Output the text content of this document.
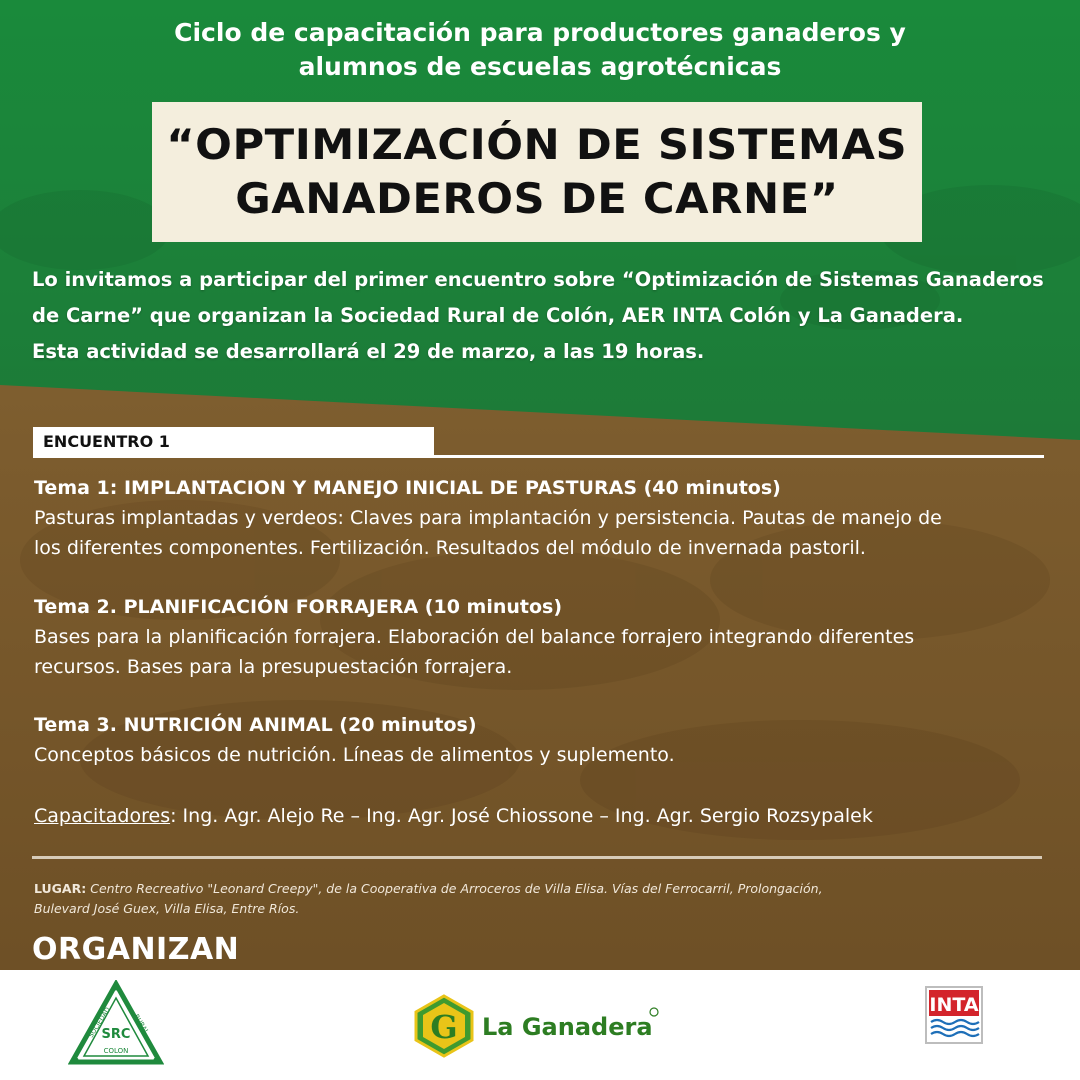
Ciclo de capacitación para productores ganaderos y
alumnos de escuelas agrotécnicas
“OPTIMIZACIÓN DE SISTEMAS
GANADEROS DE CARNE”

Lo invitamos a participar del primer encuentro sobre “Optimización de Sistemas Ganaderos

de Carne” que organizan la Sociedad Rural de Colón, AER INTA Colón y La Ganadera.

Esta actividad se desarrollará el 29 de marzo, a las 19 horas.

ENCUENTRO 1

Tema 1: IMPLANTACION Y MANEJO INICIAL DE PASTURAS (40 minutos)

Pasturas implantadas y verdeos: Claves para implantación y persistencia. Pautas de manejo de

los diferentes componentes. Fertilización. Resultados del módulo de invernada pastoril.

Tema 2. PLANIFICACIÓN FORRAJERA (10 minutos)

Bases para la planificación forrajera. Elaboración del balance forrajero integrando diferentes

recursos. Bases para la presupuestación forrajera.

Tema 3. NUTRICIÓN ANIMAL (20 minutos)

Conceptos básicos de nutrición. Líneas de alimentos y suplemento.

Capacitadores: Ing. Agr. Alejo Re – Ing. Agr. José Chiossone – Ing. Agr. Sergio Rozsypalek
LUGAR: Centro Recreativo "Leonard Creepy", de la Cooperativa de Arroceros de Villa Elisa. Vías del Ferrocarril, Prolongación,
Bulevard José Guex, Villa Elisa, Entre Ríos.
ORGANIZAN
SOCIEDAD	RURAL
COLON
SRC	G La Ganadera
INTA
